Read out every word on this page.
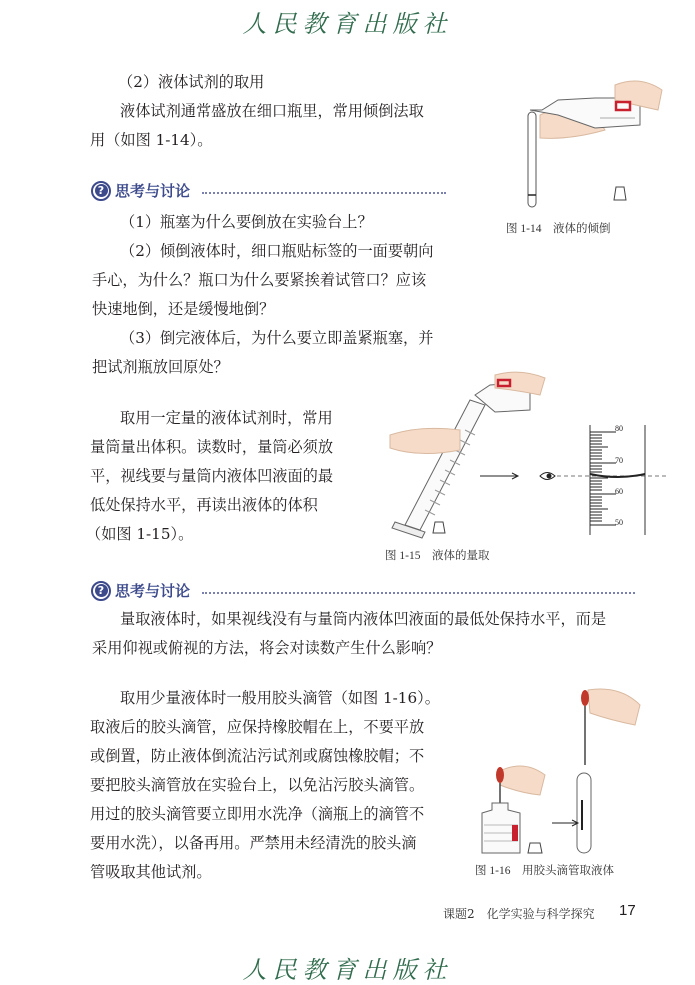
人民教育出版社
（2）液体试剂的取用
液体试剂通常盛放在细口瓶里，常用倾倒法取
用（如图 1-14）。
? 思考与讨论
（1）瓶塞为什么要倒放在实验台上？
（2）倾倒液体时，细口瓶贴标签的一面要朝向
手心，为什么？瓶口为什么要紧挨着试管口？应该
快速地倒，还是缓慢地倒？
（3）倒完液体后，为什么要立即盖紧瓶塞，并
把试剂瓶放回原处？
图 1-14　液体的倾倒
取用一定量的液体试剂时，常用
量筒量出体积。读数时，量筒必须放
平，视线要与量筒内液体凹液面的最
低处保持水平，再读出液体的体积
（如图 1-15）。
80
70
60
50
图 1-15　液体的量取
? 思考与讨论
量取液体时，如果视线没有与量筒内液体凹液面的最低处保持水平，而是
采用仰视或俯视的方法，将会对读数产生什么影响？
取用少量液体时一般用胶头滴管（如图 1-16）。
取液后的胶头滴管，应保持橡胶帽在上，不要平放
或倒置，防止液体倒流沾污试剂或腐蚀橡胶帽；不
要把胶头滴管放在实验台上，以免沾污胶头滴管。
用过的胶头滴管要立即用水洗净（滴瓶上的滴管不
要用水洗），以备再用。严禁用未经清洗的胶头滴
管吸取其他试剂。	图 1-16　用胶头滴管取液体
课题2　化学实验与科学探究 17
人民教育出版社
